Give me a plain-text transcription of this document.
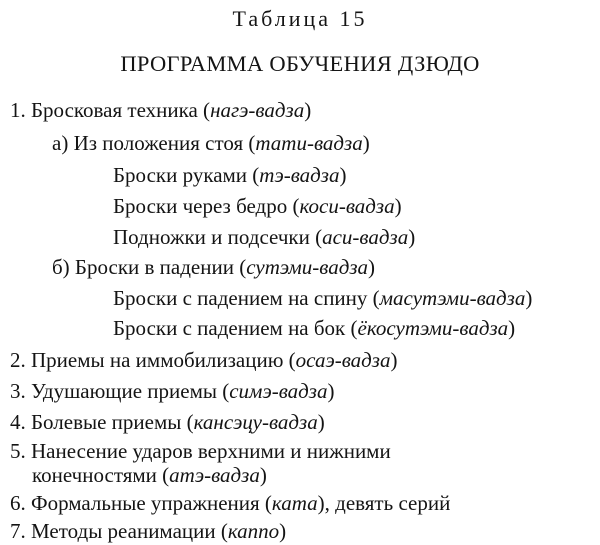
Таблица 15
ПРОГРАММА ОБУЧЕНИЯ ДЗЮДО
1. Бросковая техника (нагэ-вадза)
а) Из положения стоя (тати-вадза)
Броски руками (тэ-вадза)
Броски через бедро (коси-вадза)
Подножки и подсечки (аси-вадза)
б) Броски в падении (сутэми-вадза)
Броски с падением на спину (масутэми-вадза)
Броски с падением на бок (ёкосутэми-вадза)
2. Приемы на иммобилизацию (осаэ-вадза)
3. Удушающие приемы (симэ-вадза)
4. Болевые приемы (кансэцу-вадза)
5. Нанесение ударов верхними и нижними
конечностями (атэ-вадза)
6. Формальные упражнения (ката), девять серий
7. Методы реанимации (каппо)
